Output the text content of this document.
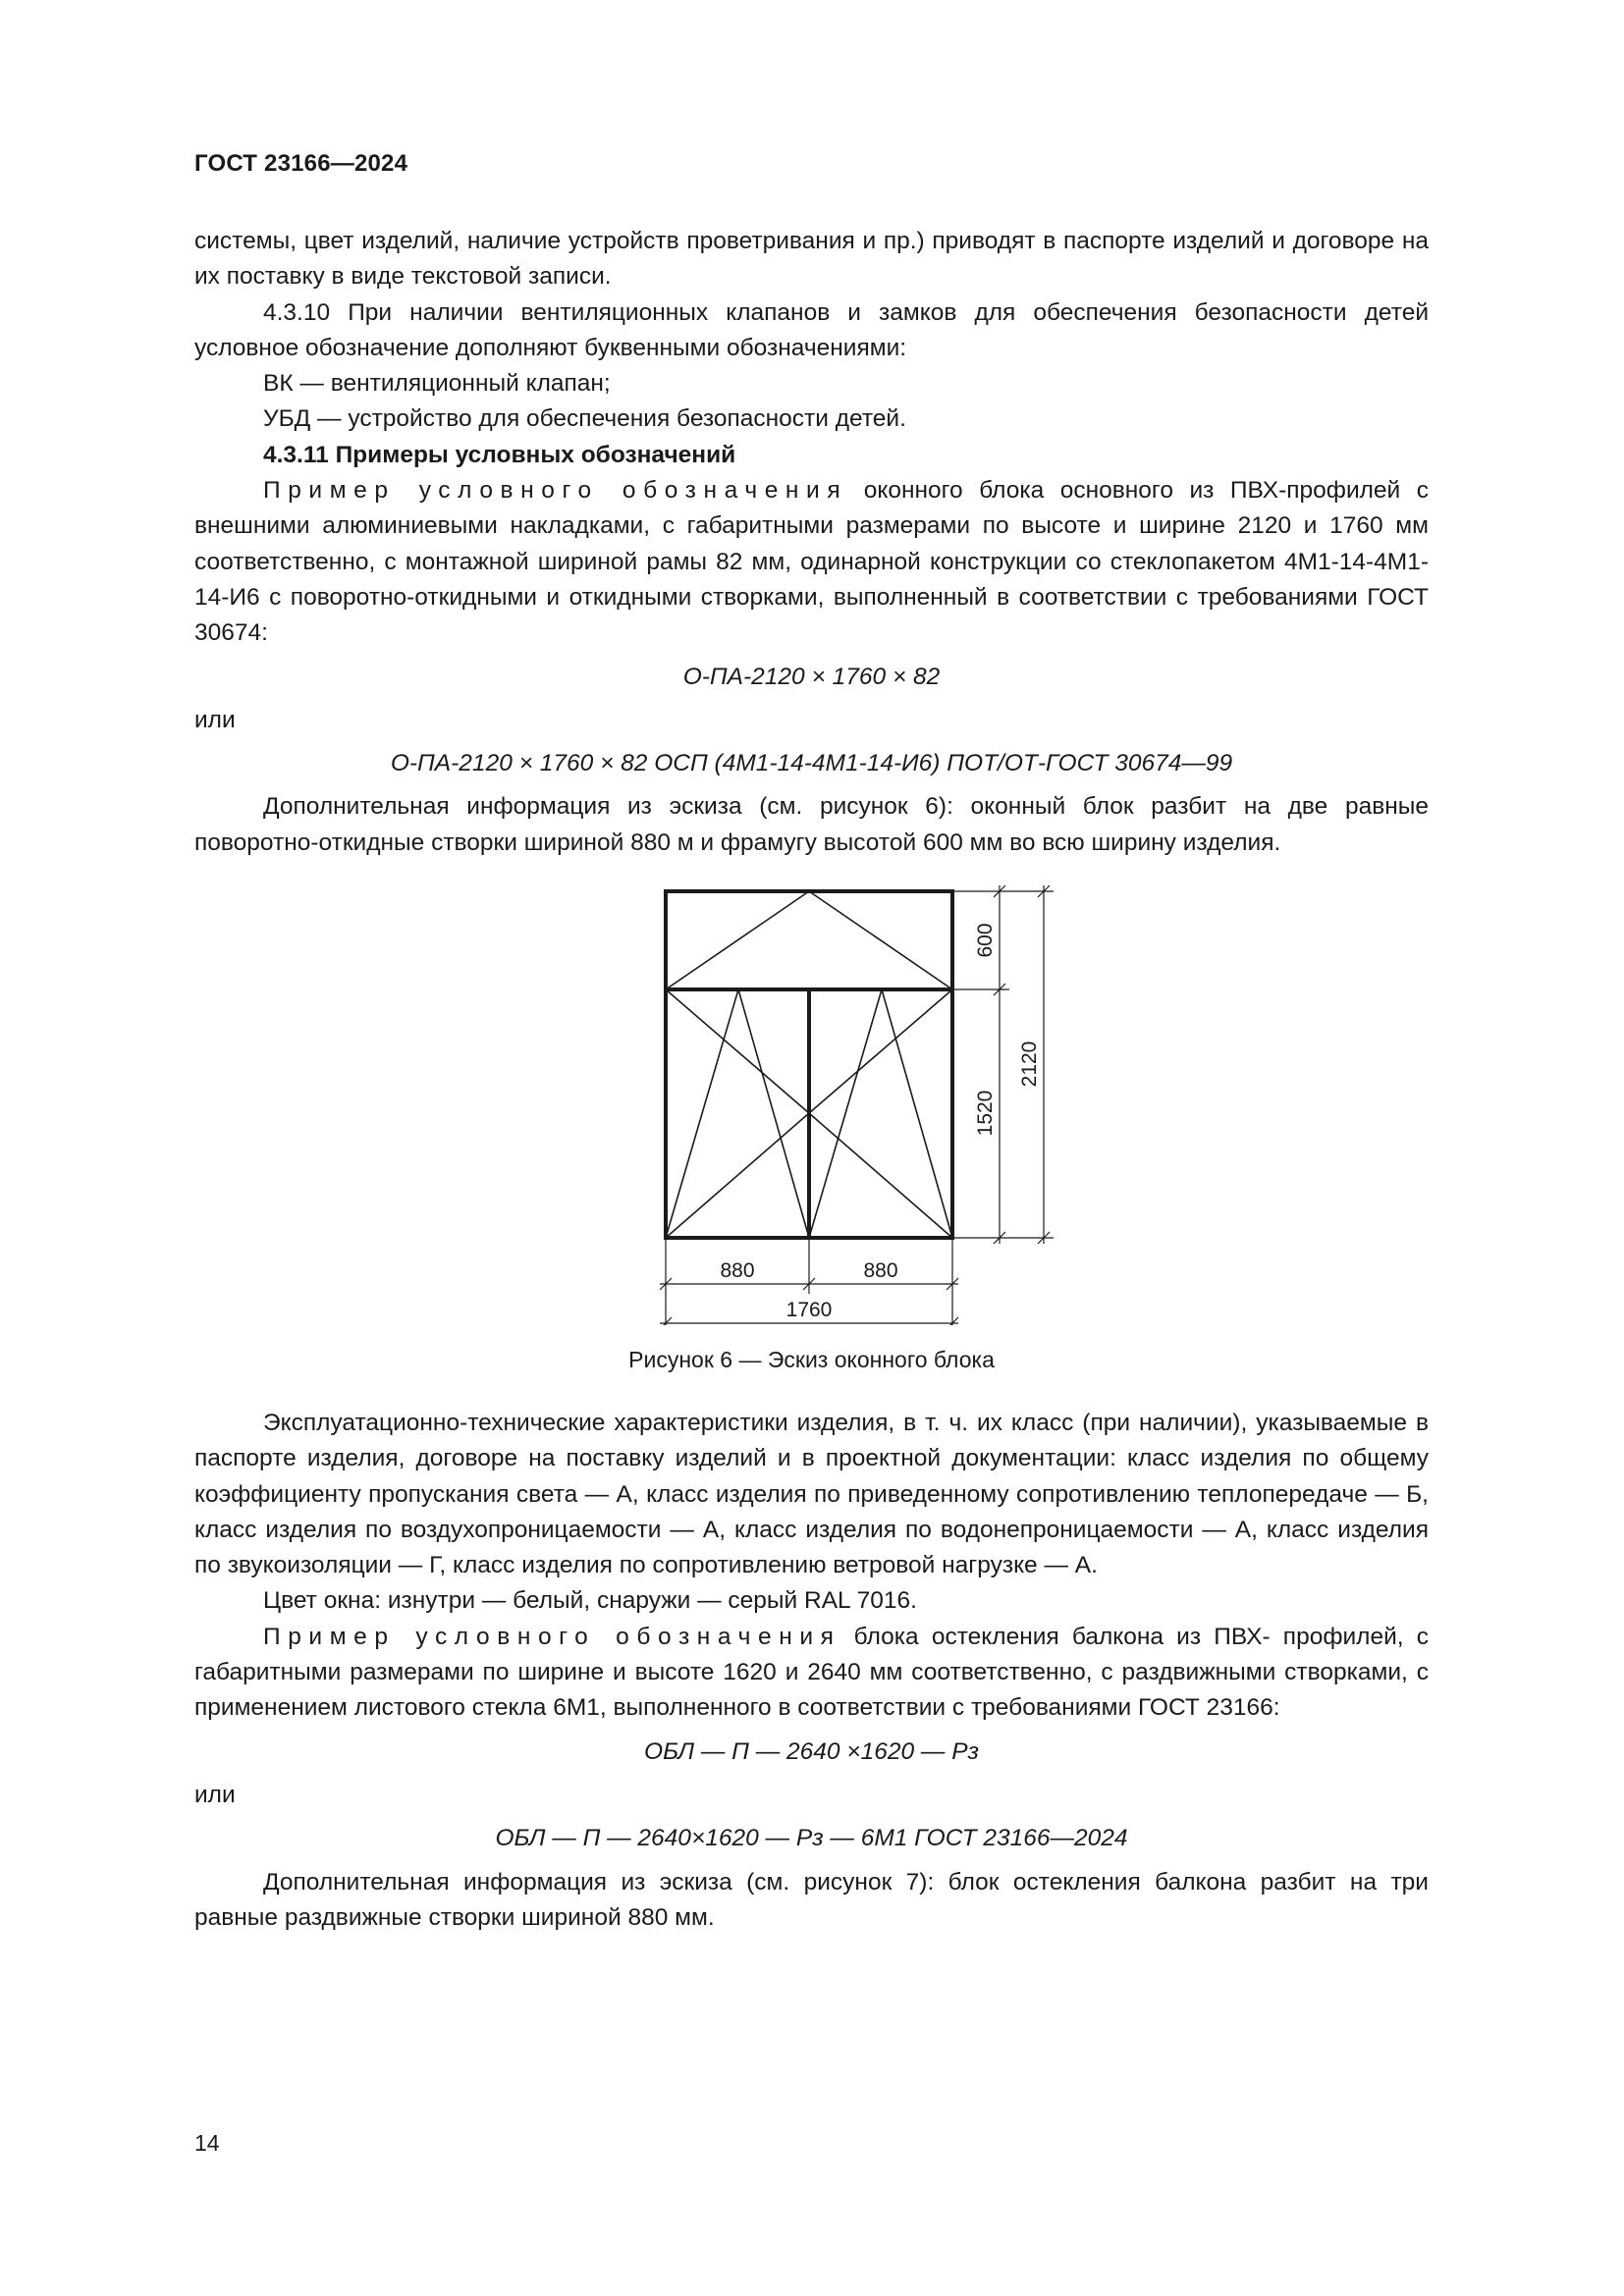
ГОСТ 23166—2024

системы, цвет изделий, наличие устройств проветривания и пр.) приводят в паспорте изделий и договоре на их поставку в виде текстовой записи.

4.3.10 При наличии вентиляционных клапанов и замков для обеспечения безопасности детей условное обозначение дополняют буквенными обозначениями:

ВК — вентиляционный клапан;

УБД — устройство для обеспечения безопасности детей.

4.3.11 Примеры условных обозначений

Пример условного обозначения оконного блока основного из ПВХ-профилей с внешними алюминиевыми накладками, с габаритными размерами по высоте и ширине 2120 и 1760 мм соответственно, с монтажной шириной рамы 82 мм, одинарной конструкции со стеклопакетом 4М1-14-4М1-14-И6 с поворотно-откидными и откидными створками, выполненный в соответствии с требованиями ГОСТ 30674:

О-ПА-2120 × 1760 × 82

или

О-ПА-2120 × 1760 × 82 ОСП (4М1-14-4М1-14-И6) ПОТ/ОТ-ГОСТ 30674—99

Дополнительная информация из эскиза (см. рисунок 6): оконный блок разбит на две равные поворотно-откидные створки шириной 880 м и фрамугу высотой 600 мм во всю ширину изделия.

600
1520
2120
880	880
1760
Рисунок 6 — Эскиз оконного блока

Эксплуатационно-технические характеристики изделия, в т. ч. их класс (при наличии), указываемые в паспорте изделия, договоре на поставку изделий и в проектной документации: класс изделия по общему коэффициенту пропускания света — А, класс изделия по приведенному сопротивлению теплопередаче — Б, класс изделия по воздухопроницаемости — А, класс изделия по водонепроницаемости — А, класс изделия по звукоизоляции — Г, класс изделия по сопротивлению ветровой нагрузке — А.

Цвет окна: изнутри — белый, снаружи — серый RAL 7016.

Пример условного обозначения блока остекления балкона из ПВХ- профилей, с габаритными размерами по ширине и высоте 1620 и 2640 мм соответственно, с раздвижными створками, с применением листового стекла 6М1, выполненного в соответствии с требованиями ГОСТ 23166:

ОБЛ — П — 2640 ×1620 — Рз

или

ОБЛ — П — 2640×1620 — Рз — 6М1 ГОСТ 23166—2024

Дополнительная информация из эскиза (см. рисунок 7): блок остекления балкона разбит на три равные раздвижные створки шириной 880 мм.

14
